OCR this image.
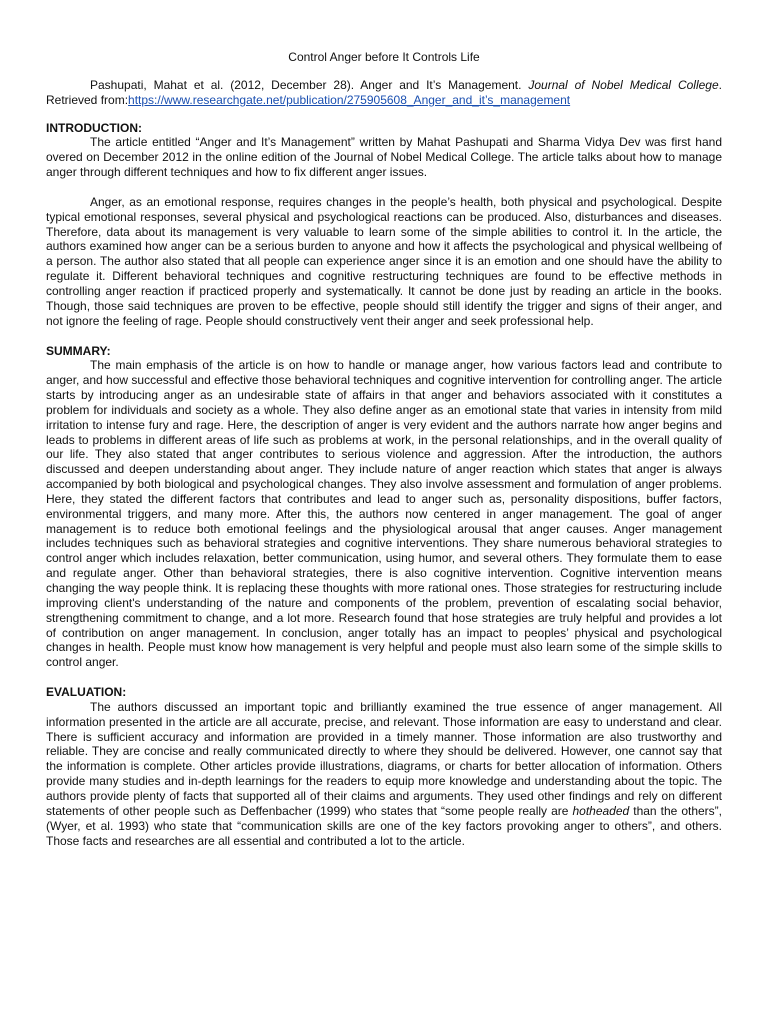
Control Anger before It Controls Life
Pashupati, Mahat et al. (2012, December 28). Anger and It’s Management. Journal of Nobel Medical College. Retrieved from:https://www.researchgate.net/publication/275905608_Anger_and_it’s_management
INTRODUCTION:

The article entitled “Anger and It’s Management” written by Mahat Pashupati and Sharma Vidya Dev was first hand overed on December 2012 in the online edition of the Journal of Nobel Medical College. The article talks about how to manage anger through different techniques and how to fix different anger issues.

Anger, as an emotional response, requires changes in the people’s health, both physical and psychological. Despite typical emotional responses, several physical and psychological reactions can be produced. Also, disturbances and diseases. Therefore, data about its management is very valuable to learn some of the simple abilities to control it. In the article, the authors examined how anger can be a serious burden to anyone and how it affects the psychological and physical wellbeing of a person. The author also stated that all people can experience anger since it is an emotion and one should have the ability to regulate it. Different behavioral techniques and cognitive restructuring techniques are found to be effective methods in controlling anger reaction if practiced properly and systematically. It cannot be done just by reading an article in the books. Though, those said techniques are proven to be effective, people should still identify the trigger and signs of their anger, and not ignore the feeling of rage. People should constructively vent their anger and seek professional help.

SUMMARY:

The main emphasis of the article is on how to handle or manage anger, how various factors lead and contribute to anger, and how successful and effective those behavioral techniques and cognitive intervention for controlling anger. The article starts by introducing anger as an undesirable state of affairs in that anger and behaviors associated with it constitutes a problem for individuals and society as a whole. They also define anger as an emotional state that varies in intensity from mild irritation to intense fury and rage. Here, the description of anger is very evident and the authors narrate how anger begins and leads to problems in different areas of life such as problems at work, in the personal relationships, and in the overall quality of our life. They also stated that anger contributes to serious violence and aggression. After the introduction, the authors discussed and deepen understanding about anger. They include nature of anger reaction which states that anger is always accompanied by both biological and psychological changes. They also involve assessment and formulation of anger problems. Here, they stated the different factors that contributes and lead to anger such as, personality dispositions, buffer factors, environmental triggers, and many more. After this, the authors now centered in anger management. The goal of anger management is to reduce both emotional feelings and the physiological arousal that anger causes. Anger management includes techniques such as behavioral strategies and cognitive interventions. They share numerous behavioral strategies to control anger which includes relaxation, better communication, using humor, and several others. They formulate them to ease and regulate anger. Other than behavioral strategies, there is also cognitive intervention. Cognitive intervention means changing the way people think. It is replacing these thoughts with more rational ones. Those strategies for restructuring include improving client's understanding of the nature and components of the problem, prevention of escalating social behavior, strengthening commitment to change, and a lot more. Research found that hose strategies are truly helpful and provides a lot of contribution on anger management. In conclusion, anger totally has an impact to peoples’ physical and psychological changes in health. People must know how management is very helpful and people must also learn some of the simple skills to control anger.

EVALUATION:

The authors discussed an important topic and brilliantly examined the true essence of anger management. All information presented in the article are all accurate, precise, and relevant. Those information are easy to understand and clear. There is sufficient accuracy and information are provided in a timely manner. Those information are also trustworthy and reliable. They are concise and really communicated directly to where they should be delivered. However, one cannot say that the information is complete. Other articles provide illustrations, diagrams, or charts for better allocation of information. Others provide many studies and in-depth learnings for the readers to equip more knowledge and understanding about the topic. The authors provide plenty of facts that supported all of their claims and arguments. They used other findings and rely on different statements of other people such as Deffenbacher (1999) who states that “some people really are hotheaded than the others”, (Wyer, et al. 1993) who state that “communication skills are one of the key factors provoking anger to others”, and others. Those facts and researches are all essential and contributed a lot to the article.
